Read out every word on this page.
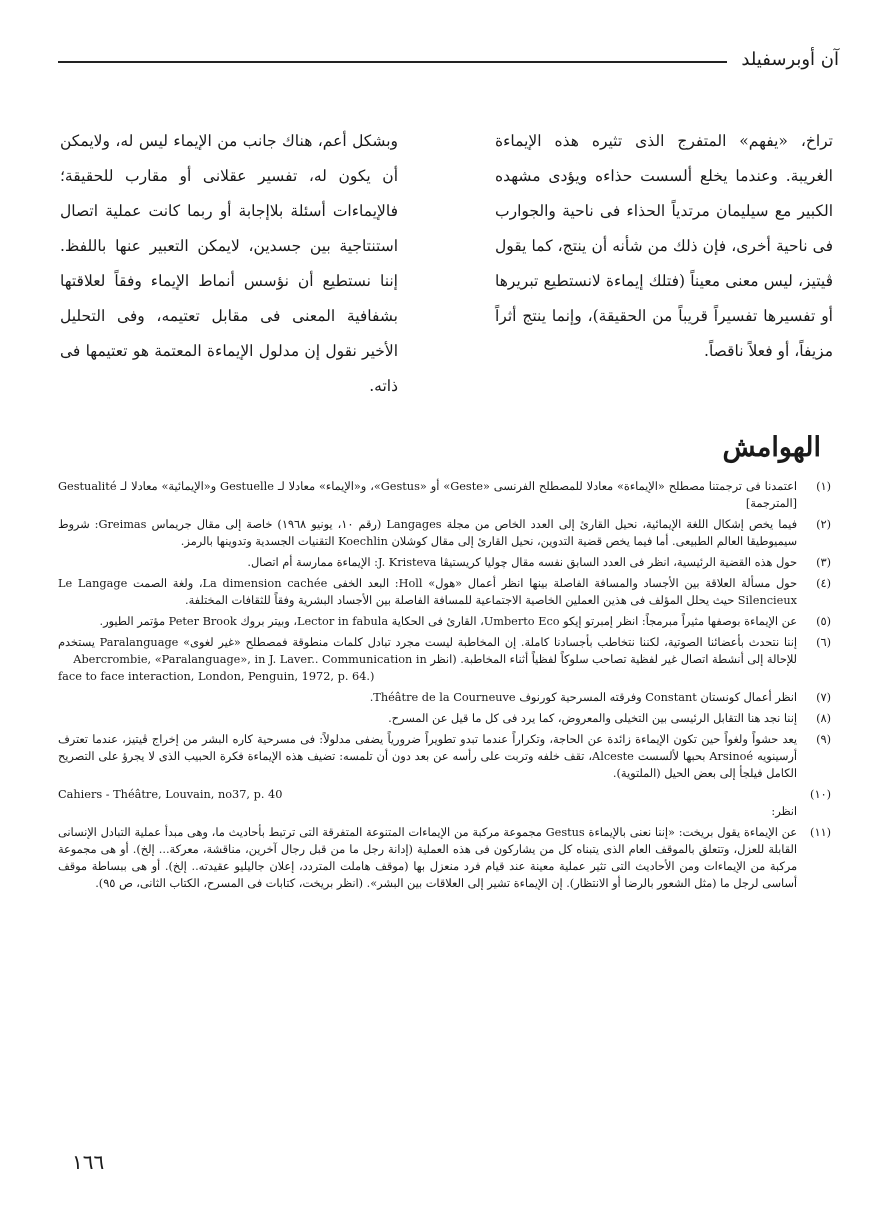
آن أوبرسفيلد

تراخ، «يفهم» المتفرج الذى تثيره هذه الإيماءة الغريبة. وعندما يخلع ألسست حذاءه ويؤدى مشهده الكبير مع سيليمان مرتدياً الحذاء فى ناحية والجوارب فى ناحية أخرى، فإن ذلك من شأنه أن ينتج، كما يقول ڤيتيز، ليس معنى معيناً (فتلك إيماءة لانستطيع تبريرها أو تفسيرها تفسيراً قريباً من الحقيقة)، وإنما ينتج أثراً مزيفاً، أو فعلاً ناقصاً.

وبشكل أعم، هناك جانب من الإيماء ليس له، ولايمكن أن يكون له، تفسير عقلانى أو مقارب للحقيقة؛ فالإيماءات أسئلة بلاإجابة أو ربما كانت عملية اتصال استنتاجية بين جسدين، لايمكن التعبير عنها باللفظ. إننا نستطيع أن نؤسس أنماط الإيماء وفقاً لعلاقتها بشفافية المعنى فى مقابل تعتيمه، وفى التحليل الأخير نقول إن مدلول الإيماءة المعتمة هو تعتيمها فى ذاته.

الهوامش
(١)
اعتمدنا فى ترجمتنا مصطلح «الإيماءة» معادلا للمصطلح الفرنسى «Geste» أو «Gestus»، و«الإيماء» معادلا لـ Gestuelle و«الإيمائية» معادلا لـ Gestualité [المترجمة]
(٢)
فيما يخص إشكال اللغة الإيمائية، نحيل القارئ إلى العدد الخاص من مجلة Langages (رقم ١٠، يونيو ١٩٦٨) خاصة إلى مقال جريماس Greimas: شروط سيميوطيقا العالم الطبيعى. أما فيما يخص قضية التدوين، نحيل القارئ إلى مقال كوشلان Koechlin التقنيات الجسدية وتدوينها بالرمز.
(٣)
حول هذه القضية الرئيسية، انظر فى العدد السابق نفسه مقال چوليا كريستيڤا J. Kristeva: الإيماءة ممارسة أم اتصال.
(٤)
حول مسألة العلاقة بين الأجساد والمسافة الفاصلة بينها انظر أعمال «هول» Holl: البعد الخفى La dimension cachée، ولغة الصمت Le Langage Silencieux حيث يحلل المؤلف فى هذين العملين الخاصية الاجتماعية للمسافة الفاصلة بين الأجساد البشرية وفقاً للثقافات المختلفة.
(٥)
عن الإيماءة بوصفها مثيراً مبرمجاً: انظر إمبرتو إيكو Umberto Eco، القارئ فى الحكاية Lector in fabula، وبيتر بروك Peter Brook مؤتمر الطيور.
(٦)
إننا نتحدث بأعضائنا الصوتية، لكننا نتخاطب بأجسادنا كاملة. إن المخاطبة ليست مجرد تبادل كلمات منطوقة فمصطلح «غير لغوى» Paralanguage يستخدم للإحالة إلى أنشطة اتصال غير لفظية تصاحب سلوكاً لفظياً أثناء المخاطبة. (انظر Abercrombie, «Paralanguage», in J. Laver.. Communication in
face to face interaction, London, Penguin, 1972, p. 64.)
(٧)
انظر أعمال كونستان Constant وفرقته المسرحية كورنوف Théâtre de la Courneuve.
(٨)
إننا نجد هنا التقابل الرئيسى بين التخيلى والمعروض، كما يرد فى كل ما قيل عن المسرح.
(٩)
يعد حشواً ولغواً حين تكون الإيماءة زائدة عن الحاجة، وتكراراً عندما تبدو تطويراً ضرورياً يضفى مدلولاً: فى مسرحية كاره البشر من إخراج ڤيتيز، عندما تعترف أرسينويه Arsinoé بحبها لألسست Alceste، تقف خلفه وتربت على رأسه عن بعد دون أن تلمسه: تضيف هذه الإيماءة فكرة الحبيب الذى لا يجرؤ على التصريح الكامل فيلجأ إلى بعض الحيل (الملتوية).
Cahiers - Théâtre, Louvain, no37, p. 40	(١٠)
انظر:
(١١)
عن الإيماءة يقول بريخت: «إننا نعنى بالإيماءة Gestus مجموعة مركبة من الإيماءات المتنوعة المتفرقة التى ترتبط بأحاديث ما، وهى مبدأ عملية التبادل الإنسانى القابلة للعزل، وتتعلق بالموقف العام الذى يتبناه كل من يشاركون فى هذه العملية (إدانة رجل ما من قبل رجال آخرين، مناقشة، معركة... إلخ). أو هى مجموعة مركبة من الإيماءات ومن الأحاديث التى تثير عملية معينة عند قيام فرد منعزل بها (موقف هاملت المتردد، إعلان جاليليو عقيدته.. إلخ). أو هى ببساطة موقف أساسى لرجل ما (مثل الشعور بالرضا أو الانتظار). إن الإيماءة تشير إلى العلاقات بين البشر». (انظر بريخت، كتابات فى المسرح، الكتاب الثانى، ص ٩٥).
١٦٦
